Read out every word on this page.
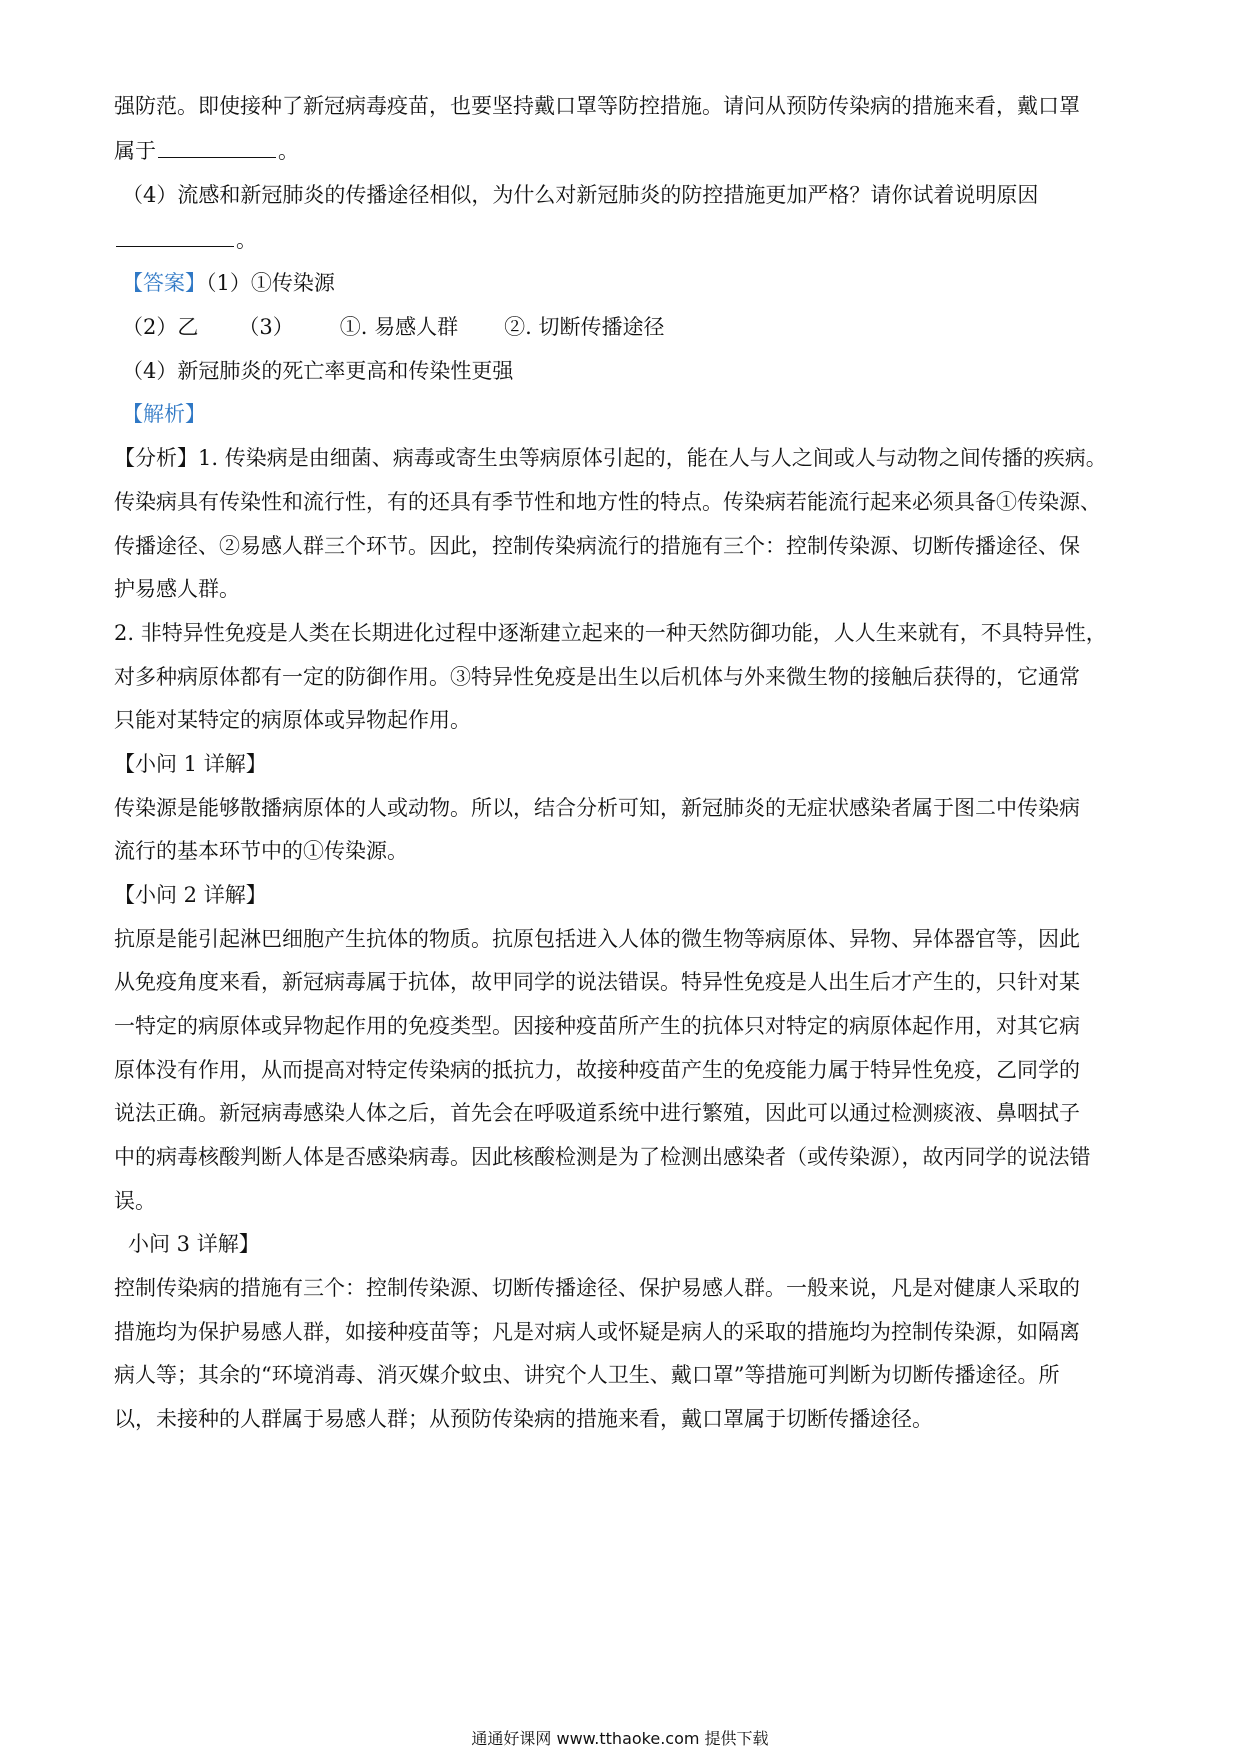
强防范。即使接种了新冠病毒疫苗，也要坚持戴口罩等防控措施。请问从预防传染病的措施来看，戴口罩
属于	。
（4）流感和新冠肺炎的传播途径相似，为什么对新冠肺炎的防控措施更加严格？请你试着说明原因
。
【答案】（1）①传染源
（2）乙 （3） ①. 易感人群 ②. 切断传播途径
（4）新冠肺炎的死亡率更高和传染性更强
【解析】
【分析】1. 传染病是由细菌、病毒或寄生虫等病原体引起的，能在人与人之间或人与动物之间传播的疾病。
传染病具有传染性和流行性，有的还具有季节性和地方性的特点。传染病若能流行起来必须具备①传染源、
传播途径、②易感人群三个环节。因此，控制传染病流行的措施有三个：控制传染源、切断传播途径、保
护易感人群。
2. 非特异性免疫是人类在长期进化过程中逐渐建立起来的一种天然防御功能，人人生来就有，不具特异性，
对多种病原体都有一定的防御作用。③特异性免疫是出生以后机体与外来微生物的接触后获得的，它通常
只能对某特定的病原体或异物起作用。
【小问 1 详解】
传染源是能够散播病原体的人或动物。所以，结合分析可知，新冠肺炎的无症状感染者属于图二中传染病
流行的基本环节中的①传染源。
【小问 2 详解】
抗原是能引起淋巴细胞产生抗体的物质。抗原包括进入人体的微生物等病原体、异物、异体器官等，因此
从免疫角度来看，新冠病毒属于抗体，故甲同学的说法错误。特异性免疫是人出生后才产生的，只针对某
一特定的病原体或异物起作用的免疫类型。因接种疫苗所产生的抗体只对特定的病原体起作用，对其它病
原体没有作用，从而提高对特定传染病的抵抗力，故接种疫苗产生的免疫能力属于特异性免疫，乙同学的
说法正确。新冠病毒感染人体之后，首先会在呼吸道系统中进行繁殖，因此可以通过检测痰液、鼻咽拭子
中的病毒核酸判断人体是否感染病毒。因此核酸检测是为了检测出感染者（或传染源），故丙同学的说法错
误。
小问 3 详解】
控制传染病的措施有三个：控制传染源、切断传播途径、保护易感人群。一般来说，凡是对健康人采取的
措施均为保护易感人群，如接种疫苗等；凡是对病人或怀疑是病人的采取的措施均为控制传染源，如隔离
病人等；其余的“环境消毒、消灭媒介蚊虫、讲究个人卫生、戴口罩”等措施可判断为切断传播途径。所
以，未接种的人群属于易感人群；从预防传染病的措施来看，戴口罩属于切断传播途径。
通通好课网 www.tthaoke.com 提供下载
